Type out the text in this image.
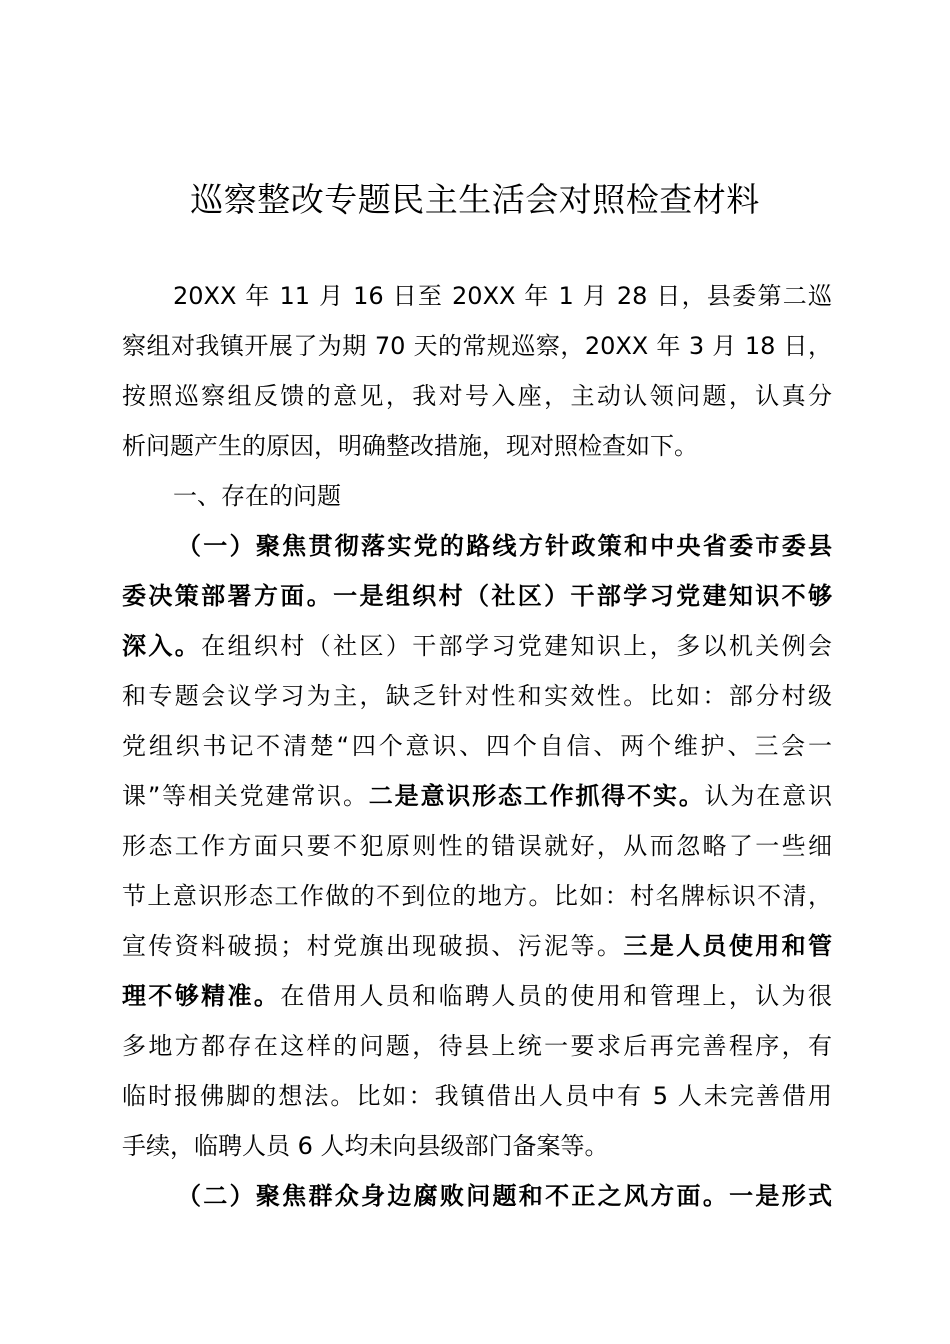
巡察整改专题民主生活会对照检查材料
20XX 年 11 月 16 日至 20XX 年 1 月 28 日，县委第二巡
察组对我镇开展了为期 70 天的常规巡察，20XX 年 3 月 18 日，
按照巡察组反馈的意见，我对号入座，主动认领问题，认真分
析问题产生的原因，明确整改措施，现对照检查如下。
一、存在的问题
（一）聚焦贯彻落实党的路线方针政策和中央省委市委县
委决策部署方面。一是组织村（社区）干部学习党建知识不够
深入。在组织村（社区）干部学习党建知识上，多以机关例会
和专题会议学习为主，缺乏针对性和实效性。比如：部分村级
党组织书记不清楚“四个意识、四个自信、两个维护、三会一
课”等相关党建常识。二是意识形态工作抓得不实。认为在意识
形态工作方面只要不犯原则性的错误就好，从而忽略了一些细
节上意识形态工作做的不到位的地方。比如：村名牌标识不清，
宣传资料破损；村党旗出现破损、污泥等。三是人员使用和管
理不够精准。在借用人员和临聘人员的使用和管理上，认为很
多地方都存在这样的问题，待县上统一要求后再完善程序，有
临时报佛脚的想法。比如：我镇借出人员中有 5 人未完善借用
手续，临聘人员 6 人均未向县级部门备案等。
（二）聚焦群众身边腐败问题和不正之风方面。一是形式
